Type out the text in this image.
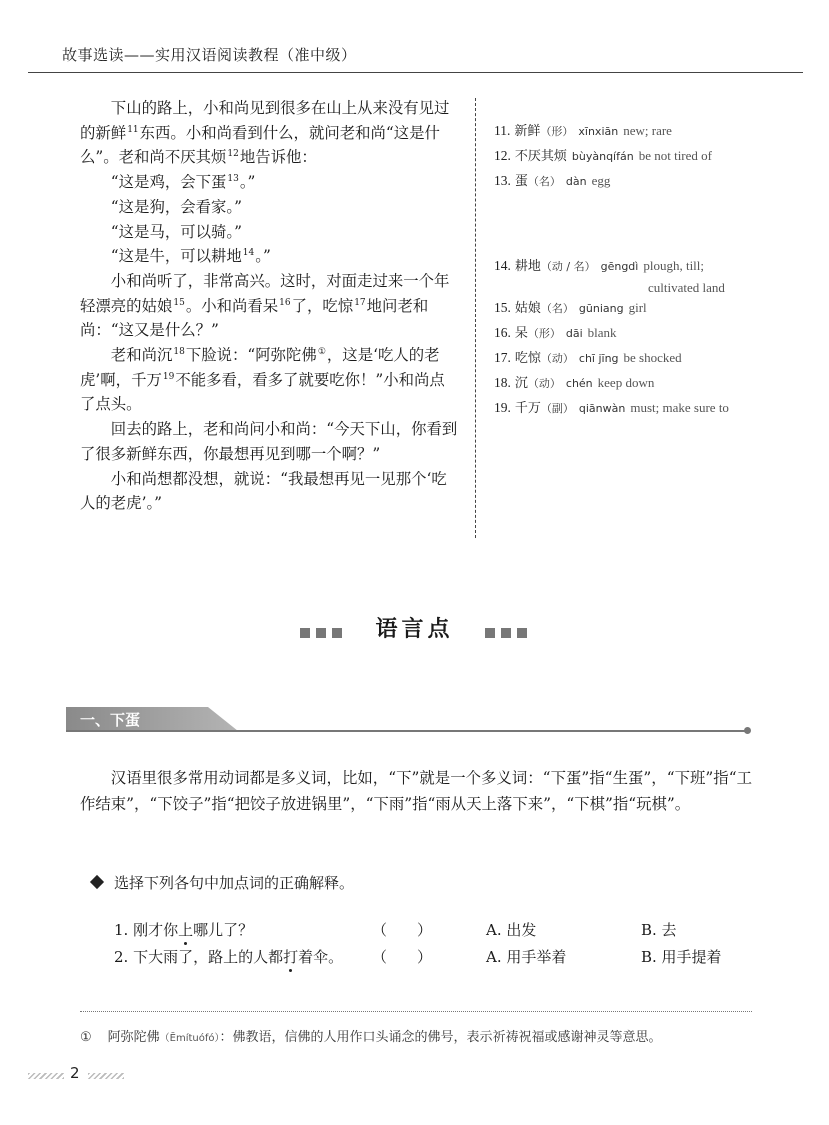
故事选读——实用汉语阅读教程（准中级）

下山的路上，小和尚见到很多在山上从来没有见过的新鲜$^{11}$东西。小和尚看到什么，就问老和尚“这是什么”。老和尚不厌其烦$^{12}$地告诉他：

“这是鸡，会下蛋$^{13}$。”

“这是狗，会看家。”

“这是马，可以骑。”

“这是牛，可以耕地$^{14}$。”

小和尚听了，非常高兴。这时，对面走过来一个年轻漂亮的姑娘$^{15}$。小和尚看呆$^{16}$了，吃惊$^{17}$地问老和尚：“这又是什么？”

老和尚沉$^{18}$下脸说：“阿弥陀佛①，这是‘吃人的老虎’啊，千万$^{19}$不能多看，看多了就要吃你！”小和尚点了点头。

回去的路上，老和尚问小和尚：“今天下山，你看到了很多新鲜东西，你最想再见到哪一个啊？”

小和尚想都没想，就说：“我最想再见一见那个‘吃人的老虎’。”

11. 新鲜（形） xīnxiān new; rare
12. 不厌其烦 bùyànqífán be not tired of
13. 蛋（名） dàn egg
14. 耕地（动 / 名） gēngdì plough, till;
cultivated land
15. 姑娘（名） gūniang girl
16. 呆（形） dāi blank
17. 吃惊（动） chī jīng be shocked
18. 沉（动） chén keep down
19. 千万（副） qiānwàn must; make sure to
语言点
一、下蛋
汉语里很多常用动词都是多义词，比如，“下”就是一个多义词：“下蛋”指“生蛋”，“下班”指“工作结束”，“下饺子”指“把饺子放进锅里”，“下雨”指“雨从天上落下来”，“下棋”指“玩棋”。
选择下列各句中加点词的正确解释。
1. 刚才你上哪儿了？	（　　）	A. 出发	B. 去
2. 下大雨了，路上的人都打着伞。 （　　）	A. 用手举着	B. 用手提着
① 阿弥陀佛（Ēmítuófó）：佛教语，信佛的人用作口头诵念的佛号，表示祈祷祝福或感谢神灵等意思。
2
